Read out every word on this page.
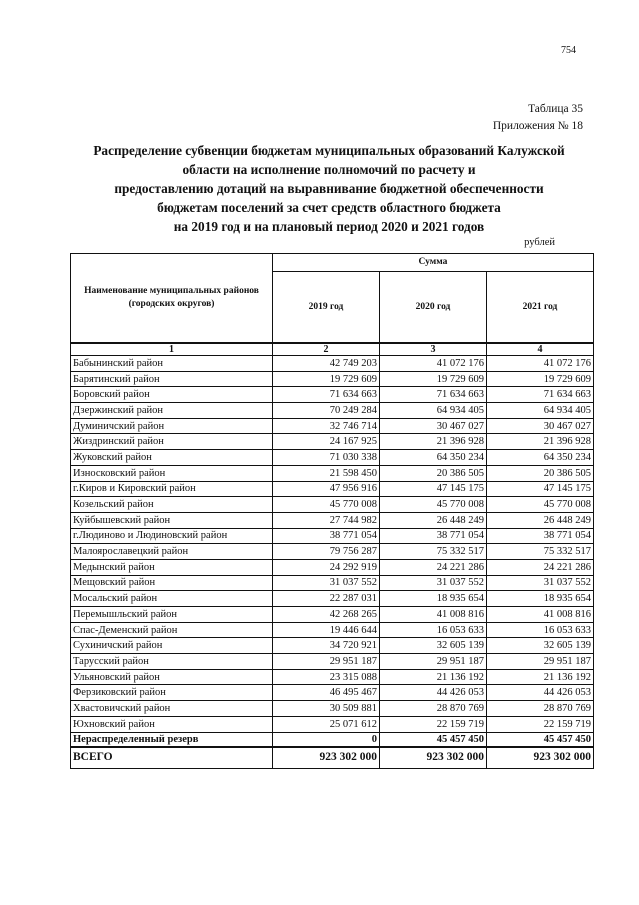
754
Таблица 35
Приложения № 18
Распределение субвенции бюджетам муниципальных образований Калужской
области на исполнение полномочий по расчету и
предоставлению дотаций на выравнивание бюджетной обеспеченности
бюджетам поселений за счет средств областного бюджета
на 2019 год и на плановый период 2020 и 2021 годов
рублей
Наименование муниципальных районов (городских округов)	Сумма		
	2019 год	2020 год	2021 год
1	2	3	4
Бабынинский район	42 749 203	41 072 176	41 072 176
Барятинский район	19 729 609	19 729 609	19 729 609
Боровский район	71 634 663	71 634 663	71 634 663
Дзержинский район	70 249 284	64 934 405	64 934 405
Думиничский район	32 746 714	30 467 027	30 467 027
Жиздринский район	24 167 925	21 396 928	21 396 928
Жуковский район	71 030 338	64 350 234	64 350 234
Износковский район	21 598 450	20 386 505	20 386 505
г.Киров и Кировский район	47 956 916	47 145 175	47 145 175
Козельский район	45 770 008	45 770 008	45 770 008
Куйбышевский район	27 744 982	26 448 249	26 448 249
г.Людиново и Людиновский район	38 771 054	38 771 054	38 771 054
Малоярославецкий район	79 756 287	75 332 517	75 332 517
Медынский район	24 292 919	24 221 286	24 221 286
Мещовский район	31 037 552	31 037 552	31 037 552
Мосальский район	22 287 031	18 935 654	18 935 654
Перемышльский район	42 268 265	41 008 816	41 008 816
Спас-Деменский район	19 446 644	16 053 633	16 053 633
Сухиничский район	34 720 921	32 605 139	32 605 139
Тарусский район	29 951 187	29 951 187	29 951 187
Ульяновский район	23 315 088	21 136 192	21 136 192
Ферзиковский район	46 495 467	44 426 053	44 426 053
Хвастовичский район	30 509 881	28 870 769	28 870 769
Юхновский район	25 071 612	22 159 719	22 159 719
Нераспределенный резерв	0	45 457 450	45 457 450
ВСЕГО	923 302 000	923 302 000	923 302 000
